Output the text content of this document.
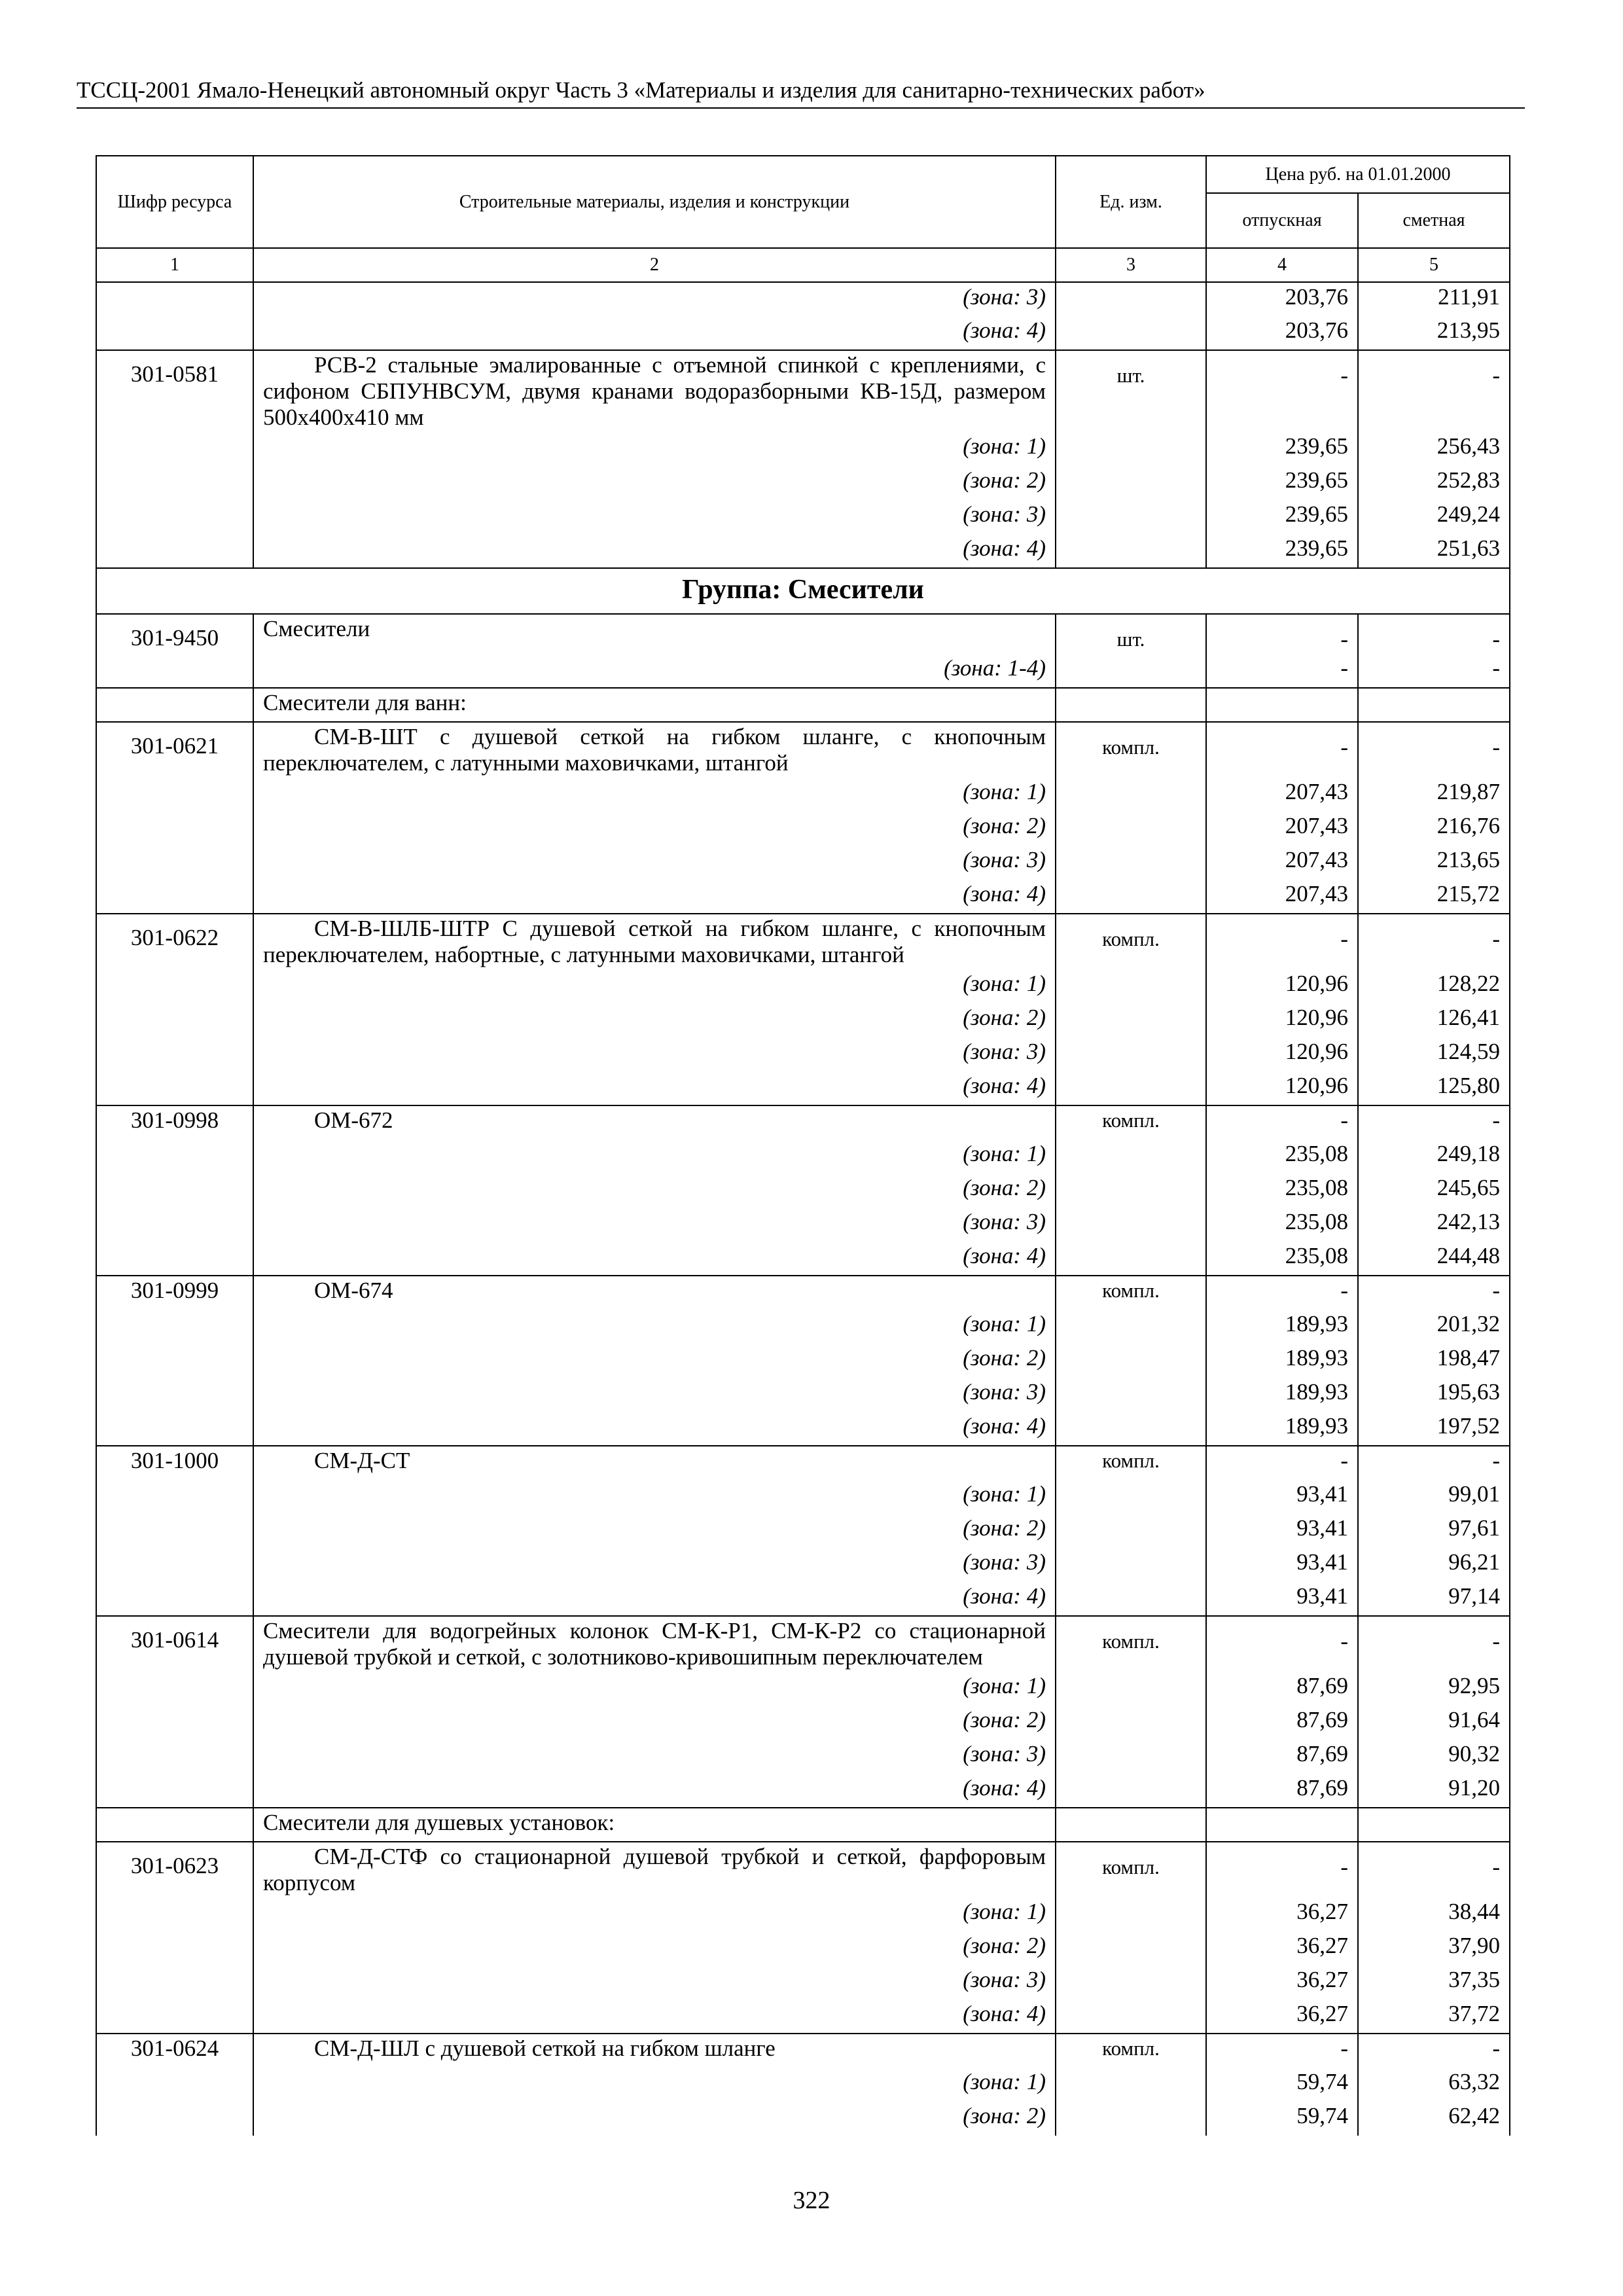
ТССЦ-2001 Ямало-Ненецкий автономный округ Часть 3 «Материалы и изделия для санитарно-технических работ»
Шифр ресурса	Строительные материалы, изделия и конструкции	Ед. изм.	Цена руб. на 01.01.2000	
			отпускная	сметная
1	2	3	4	5
	(зона: 3)		203,76	211,91
	(зона: 4)		203,76	213,95
301-0581	РСВ-2 стальные эмалированные с отъемной спинкой с креплениями, с сифоном СБПУНВСУМ, двумя кранами водоразборными КВ-15Д, размером 500х400х410 мм	шт.	-	-
	(зона: 1)		239,65	256,43
	(зона: 2)		239,65	252,83
	(зона: 3)		239,65	249,24
	(зона: 4)		239,65	251,63
Группа: Смесители				
301-9450	Смесители	шт.	-	-
	(зона: 1-4)		-	-
	Смесители для ванн:			
301-0621	СМ-В-ШТ с душевой сеткой на гибком шланге, с кнопочным переключателем, с латунными маховичками, штангой	компл.	-	-
	(зона: 1)		207,43	219,87
	(зона: 2)		207,43	216,76
	(зона: 3)		207,43	213,65
	(зона: 4)		207,43	215,72
301-0622	СМ-В-ШЛБ-ШТР С душевой сеткой на гибком шланге, с кнопочным переключателем, набортные, с латунными маховичками, штангой	компл.	-	-
	(зона: 1)		120,96	128,22
	(зона: 2)		120,96	126,41
	(зона: 3)		120,96	124,59
	(зона: 4)		120,96	125,80
301-0998	ОМ-672	компл.	-	-
	(зона: 1)		235,08	249,18
	(зона: 2)		235,08	245,65
	(зона: 3)		235,08	242,13
	(зона: 4)		235,08	244,48
301-0999	ОМ-674	компл.	-	-
	(зона: 1)		189,93	201,32
	(зона: 2)		189,93	198,47
	(зона: 3)		189,93	195,63
	(зона: 4)		189,93	197,52
301-1000	СМ-Д-СТ	компл.	-	-
	(зона: 1)		93,41	99,01
	(зона: 2)		93,41	97,61
	(зона: 3)		93,41	96,21
	(зона: 4)		93,41	97,14
301-0614	Смесители для водогрейных колонок СМ-К-Р1, СМ-К-Р2 со стационарной душевой трубкой и сеткой, с золотниково-кривошипным переключателем	компл.	-	-
	(зона: 1)		87,69	92,95
	(зона: 2)		87,69	91,64
	(зона: 3)		87,69	90,32
	(зона: 4)		87,69	91,20
	Смесители для душевых установок:			
301-0623	СМ-Д-СТФ со стационарной душевой трубкой и сеткой, фарфоровым корпусом	компл.	-	-
	(зона: 1)		36,27	38,44
	(зона: 2)		36,27	37,90
	(зона: 3)		36,27	37,35
	(зона: 4)		36,27	37,72
301-0624	СМ-Д-ШЛ с душевой сеткой на гибком шланге	компл.	-	-
	(зона: 1)		59,74	63,32
	(зона: 2)		59,74	62,42
322
